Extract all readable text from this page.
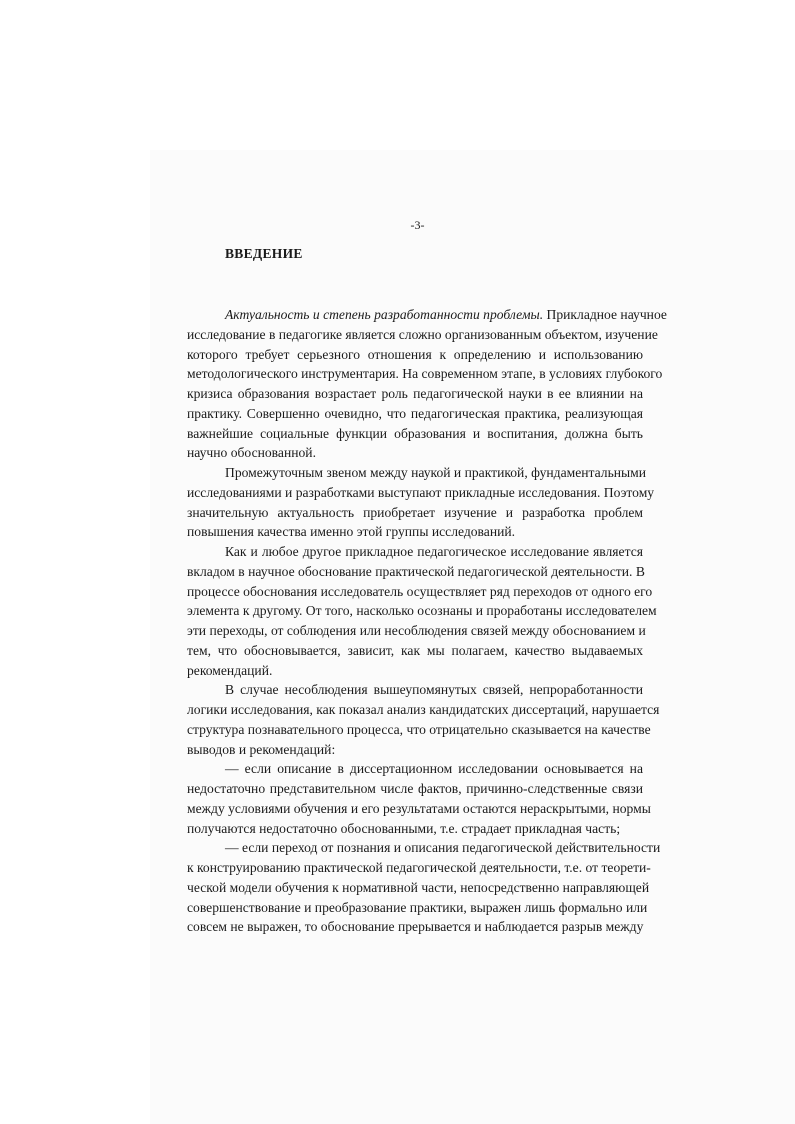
-3-
ВВЕДЕНИЕ
Актуальность и степень разработанности проблемы. Прикладное научное
исследование в педагогике является сложно организованным объектом, изучение
которого требует серьезного отношения к определению и использованию
методологического инструментария. На современном этапе, в условиях глубокого
кризиса образования возрастает роль педагогической науки в ее влиянии на
практику. Совершенно очевидно, что педагогическая практика, реализующая
важнейшие социальные функции образования и воспитания, должна быть
научно обоснованной.
Промежуточным звеном между наукой и практикой, фундаментальными
исследованиями и разработками выступают прикладные исследования. Поэтому
значительную актуальность приобретает изучение и разработка проблем
повышения качества именно этой группы исследований.
Как и любое другое прикладное педагогическое исследование является
вкладом в научное обоснование практической педагогической деятельности. В
процессе обоснования исследователь осуществляет ряд переходов от одного его
элемента к другому. От того, насколько осознаны и проработаны исследователем
эти переходы, от соблюдения или несоблюдения связей между обоснованием и
тем, что обосновывается, зависит, как мы полагаем, качество выдаваемых
рекомендаций.
В случае несоблюдения вышеупомянутых связей, непроработанности
логики исследования, как показал анализ кандидатских диссертаций, нарушается
структура познавательного процесса, что отрицательно сказывается на качестве
выводов и рекомендаций:
— если описание в диссертационном исследовании основывается на
недостаточно представительном числе фактов, причинно-следственные связи
между условиями обучения и его результатами остаются нераскрытыми, нормы
получаются недостаточно обоснованными, т.е. страдает прикладная часть;
— если переход от познания и описания педагогической действительности
к конструированию практической педагогической деятельности, т.е. от теорети-
ческой модели обучения к нормативной части, непосредственно направляющей
совершенствование и преобразование практики, выражен лишь формально или
совсем не выражен, то обоснование прерывается и наблюдается разрыв между
